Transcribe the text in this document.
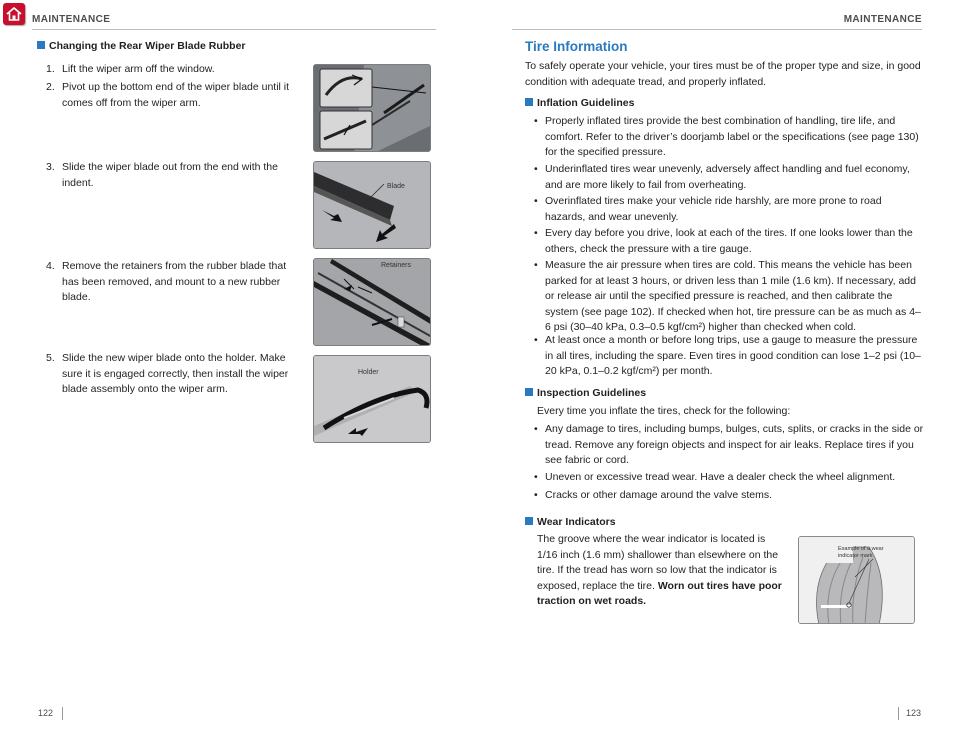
MAINTENANCE	MAINTENANCE
Changing the Rear Wiper Blade Rubber
1. Lift the wiper arm off the window.
2. Pivot up the bottom end of the wiper blade until it comes off from the wiper arm.
3. Slide the wiper blade out from the end with the indent.
4. Remove the retainers from the rubber blade that has been removed, and mount to a new rubber blade.
5. Slide the new wiper blade onto the holder. Make sure it is engaged correctly, then install the wiper blade assembly onto the wiper arm.
Blade
Retainers
Holder
122
Tire Information
To safely operate your vehicle, your tires must be of the proper type and size, in good condition with adequate tread, and properly inflated.
Inflation Guidelines
• Properly inflated tires provide the best combination of handling, tire life, and comfort. Refer to the driver’s doorjamb label or the specifications (see page 130) for the specified pressure.
• Underinflated tires wear unevenly, adversely affect handling and fuel economy, and are more likely to fail from overheating.
• Overinflated tires make your vehicle ride harshly, are more prone to road hazards, and wear unevenly.
• Every day before you drive, look at each of the tires. If one looks lower than the others, check the pressure with a tire gauge.
• Measure the air pressure when tires are cold. This means the vehicle has been parked for at least 3 hours, or driven less than 1 mile (1.6 km). If necessary, add or release air until the specified pressure is reached, and then calibrate the system (see page 102). If checked when hot, tire pressure can be as much as 4–6 psi (30–40 kPa, 0.3–0.5 kgf/cm²) higher than checked when cold.
• At least once a month or before long trips, use a gauge to measure the pressure in all tires, including the spare. Even tires in good condition can lose 1–2 psi (10–20 kPa, 0.1–0.2 kgf/cm²) per month.
Inspection Guidelines
Every time you inflate the tires, check for the following:
• Any damage to tires, including bumps, bulges, cuts, splits, or cracks in the side or tread. Remove any foreign objects and inspect for air leaks. Replace tires if you see fabric or cord.
• Uneven or excessive tread wear. Have a dealer check the wheel alignment.
• Cracks or other damage around the valve stems.
Wear Indicators
The groove where the wear indicator is located is 1/16 inch (1.6 mm) shallower than elsewhere on the tire. If the tread has worn so low that the indicator is exposed, replace the tire. Worn out tires have poor traction on wet roads.
Example of a wear
indicator mark
123
